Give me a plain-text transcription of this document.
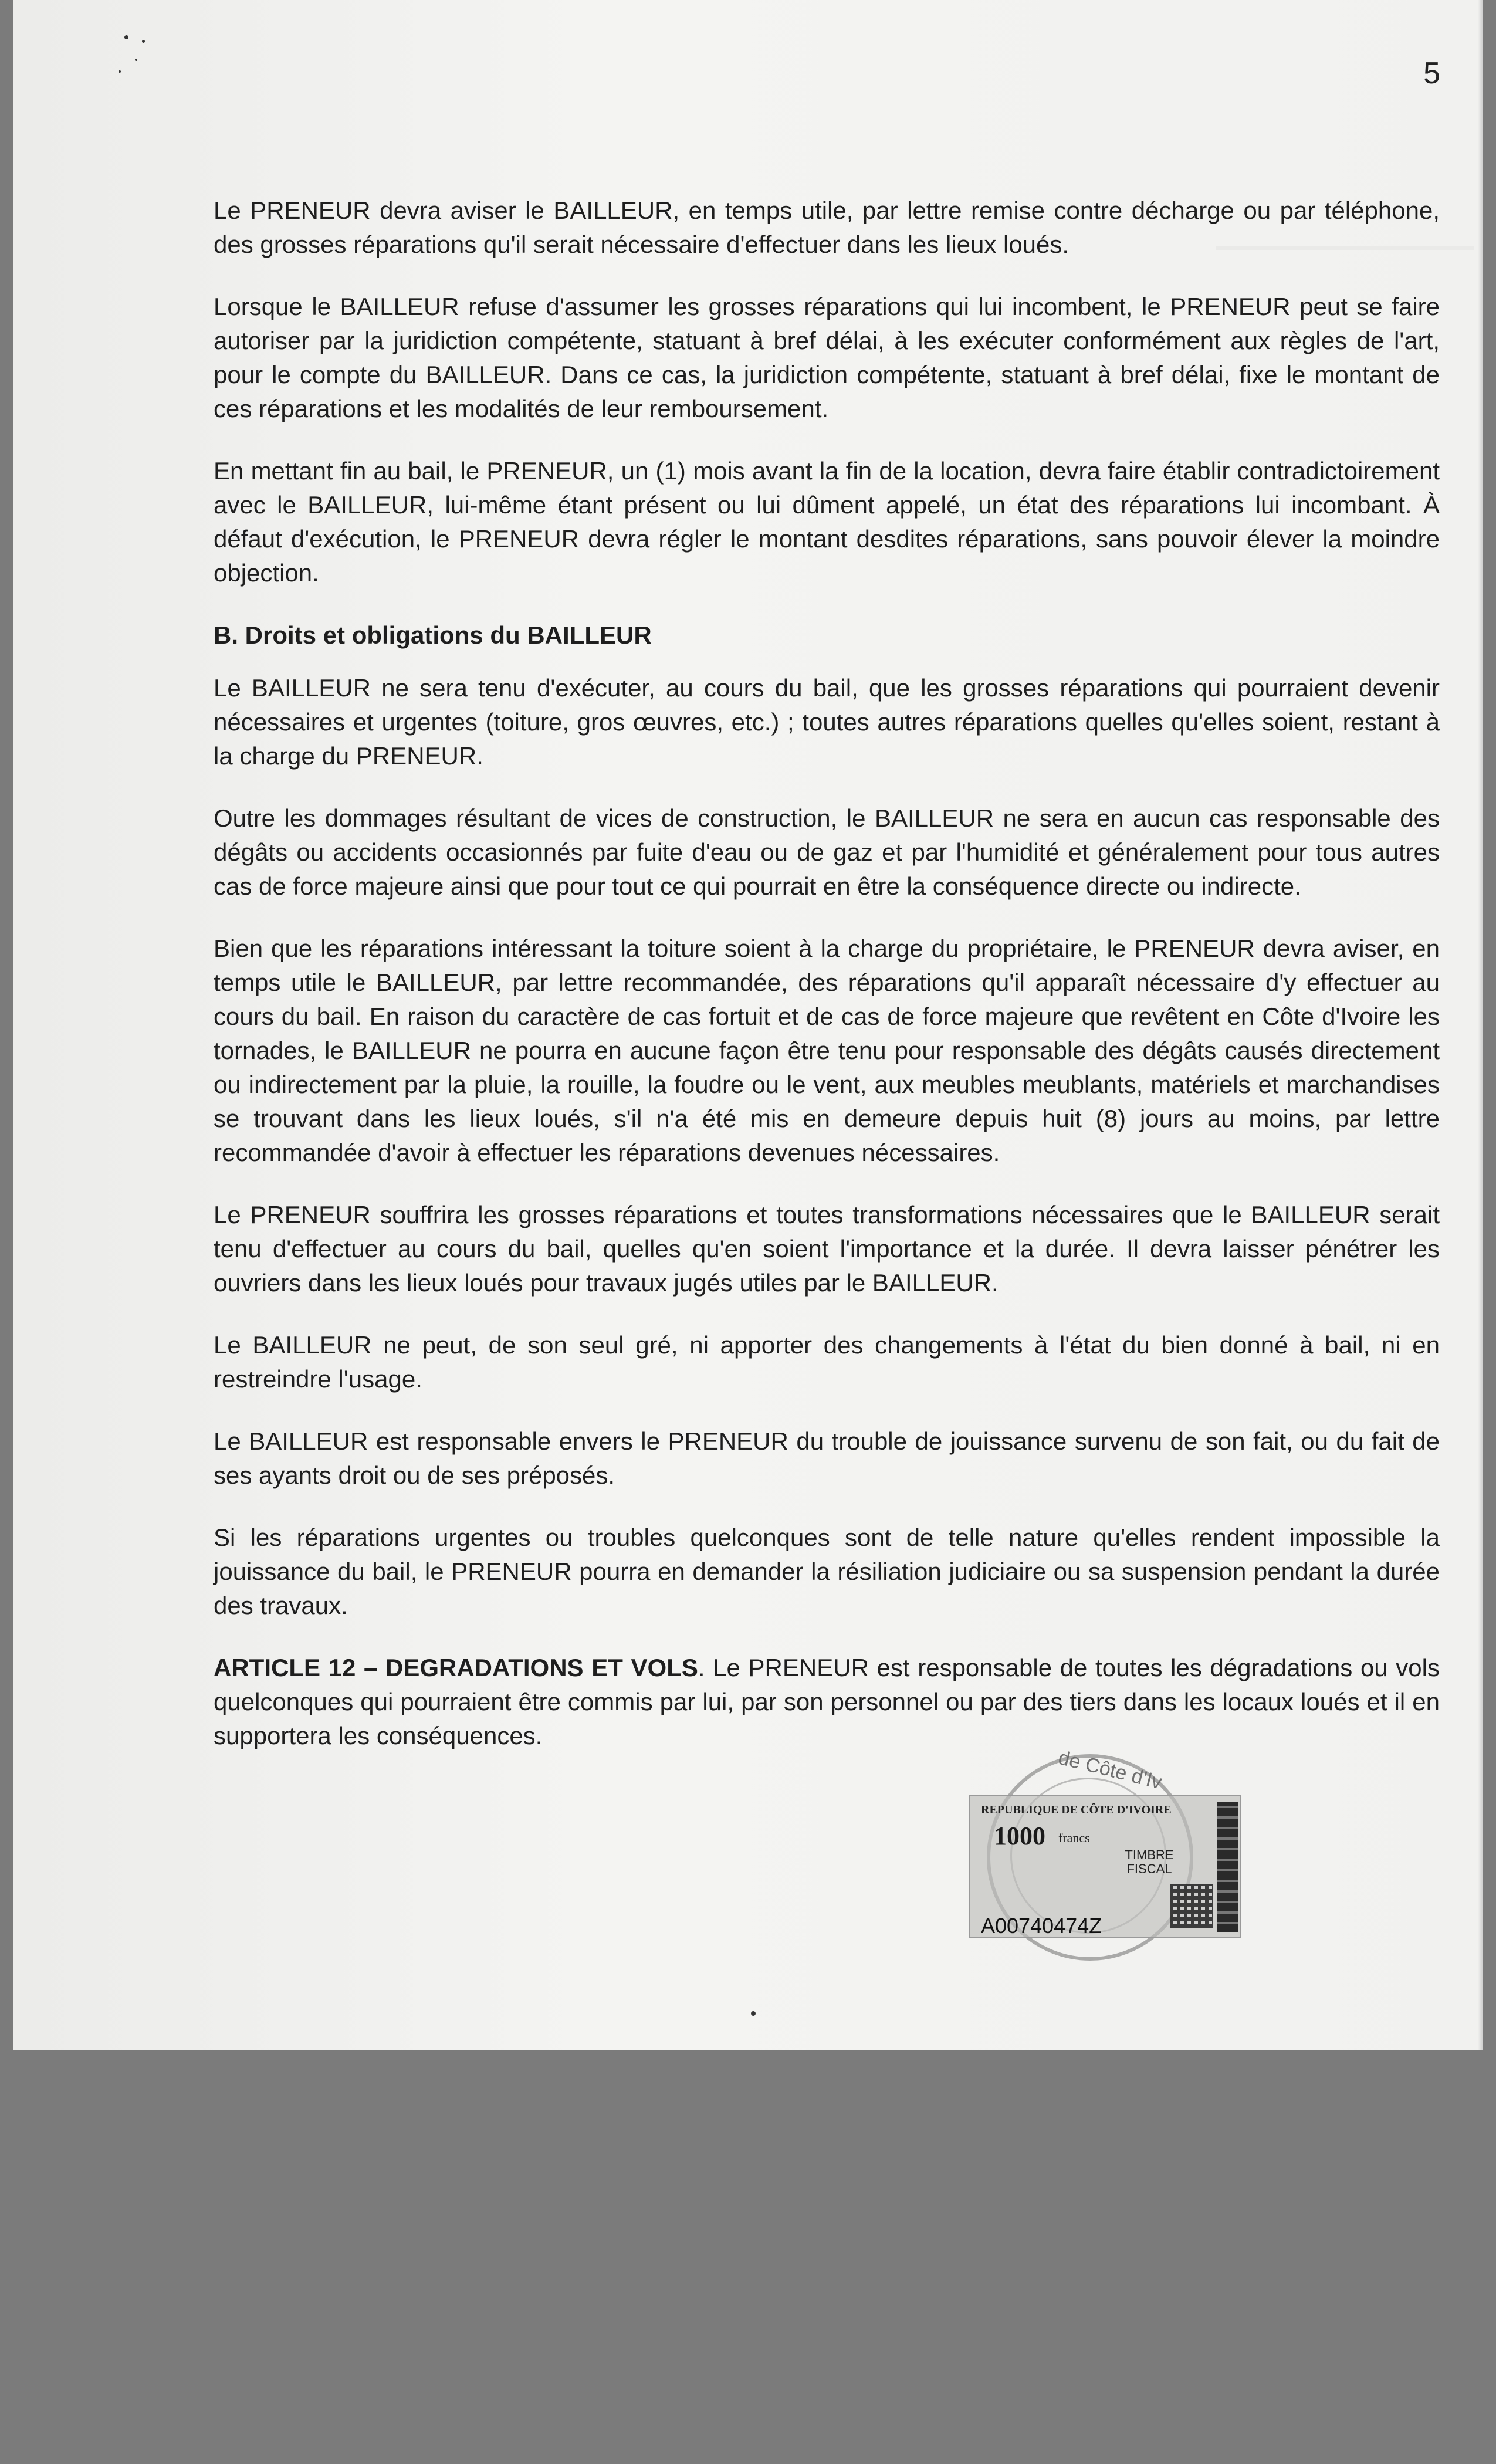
5

Le PRENEUR devra aviser le BAILLEUR, en temps utile, par lettre remise contre décharge ou par téléphone, des grosses réparations qu'il serait nécessaire d'effectuer dans les lieux loués.

Lorsque le BAILLEUR refuse d'assumer les grosses réparations qui lui incombent, le PRENEUR peut se faire autoriser par la juridiction compétente, statuant à bref délai, à les exécuter conformément aux règles de l'art, pour le compte du BAILLEUR. Dans ce cas, la juridiction compétente, statuant à bref délai, fixe le montant de ces réparations et les modalités de leur remboursement.

En mettant fin au bail, le PRENEUR, un (1) mois avant la fin de la location, devra faire établir contradictoirement avec le BAILLEUR, lui-même étant présent ou lui dûment appelé, un état des réparations lui incombant. À défaut d'exécution, le PRENEUR devra régler le montant desdites réparations, sans pouvoir élever la moindre objection.

B. Droits et obligations du BAILLEUR

Le BAILLEUR ne sera tenu d'exécuter, au cours du bail, que les grosses réparations qui pourraient devenir nécessaires et urgentes (toiture, gros œuvres, etc.) ; toutes autres réparations quelles qu'elles soient, restant à la charge du PRENEUR.

Outre les dommages résultant de vices de construction, le BAILLEUR ne sera en aucun cas responsable des dégâts ou accidents occasionnés par fuite d'eau ou de gaz et par l'humidité et généralement pour tous autres cas de force majeure ainsi que pour tout ce qui pourrait en être la conséquence directe ou indirecte.

Bien que les réparations intéressant la toiture soient à la charge du propriétaire, le PRENEUR devra aviser, en temps utile le BAILLEUR, par lettre recommandée, des réparations qu'il apparaît nécessaire d'y effectuer au cours du bail. En raison du caractère de cas fortuit et de cas de force majeure que revêtent en Côte d'Ivoire les tornades, le BAILLEUR ne pourra en aucune façon être tenu pour responsable des dégâts causés directement ou indirectement par la pluie, la rouille, la foudre ou le vent, aux meubles meublants, matériels et marchandises se trouvant dans les lieux loués, s'il n'a été mis en demeure depuis huit (8) jours au moins, par lettre recommandée d'avoir à effectuer les réparations devenues nécessaires.

Le PRENEUR souffrira les grosses réparations et toutes transformations nécessaires que le BAILLEUR serait tenu d'effectuer au cours du bail, quelles qu'en soient l'importance et la durée. Il devra laisser pénétrer les ouvriers dans les lieux loués pour travaux jugés utiles par le BAILLEUR.

Le BAILLEUR ne peut, de son seul gré, ni apporter des changements à l'état du bien donné à bail, ni en restreindre l'usage.

Le BAILLEUR est responsable envers le PRENEUR du trouble de jouissance survenu de son fait, ou du fait de ses ayants droit ou de ses préposés.

Si les réparations urgentes ou troubles quelconques sont de telle nature qu'elles rendent impossible la jouissance du bail, le PRENEUR pourra en demander la résiliation judiciaire ou sa suspension pendant la durée des travaux.

ARTICLE 12 – DEGRADATIONS ET VOLS. Le PRENEUR est responsable de toutes les dégradations ou vols quelconques qui pourraient être commis par lui, par son personnel ou par des tiers dans les locaux loués et il en supportera les conséquences.

de Côte d'Iv
REPUBLIQUE DE CÔTE D'IVOIRE
1000 francs
TIMBRE FISCAL
A00740474Z
